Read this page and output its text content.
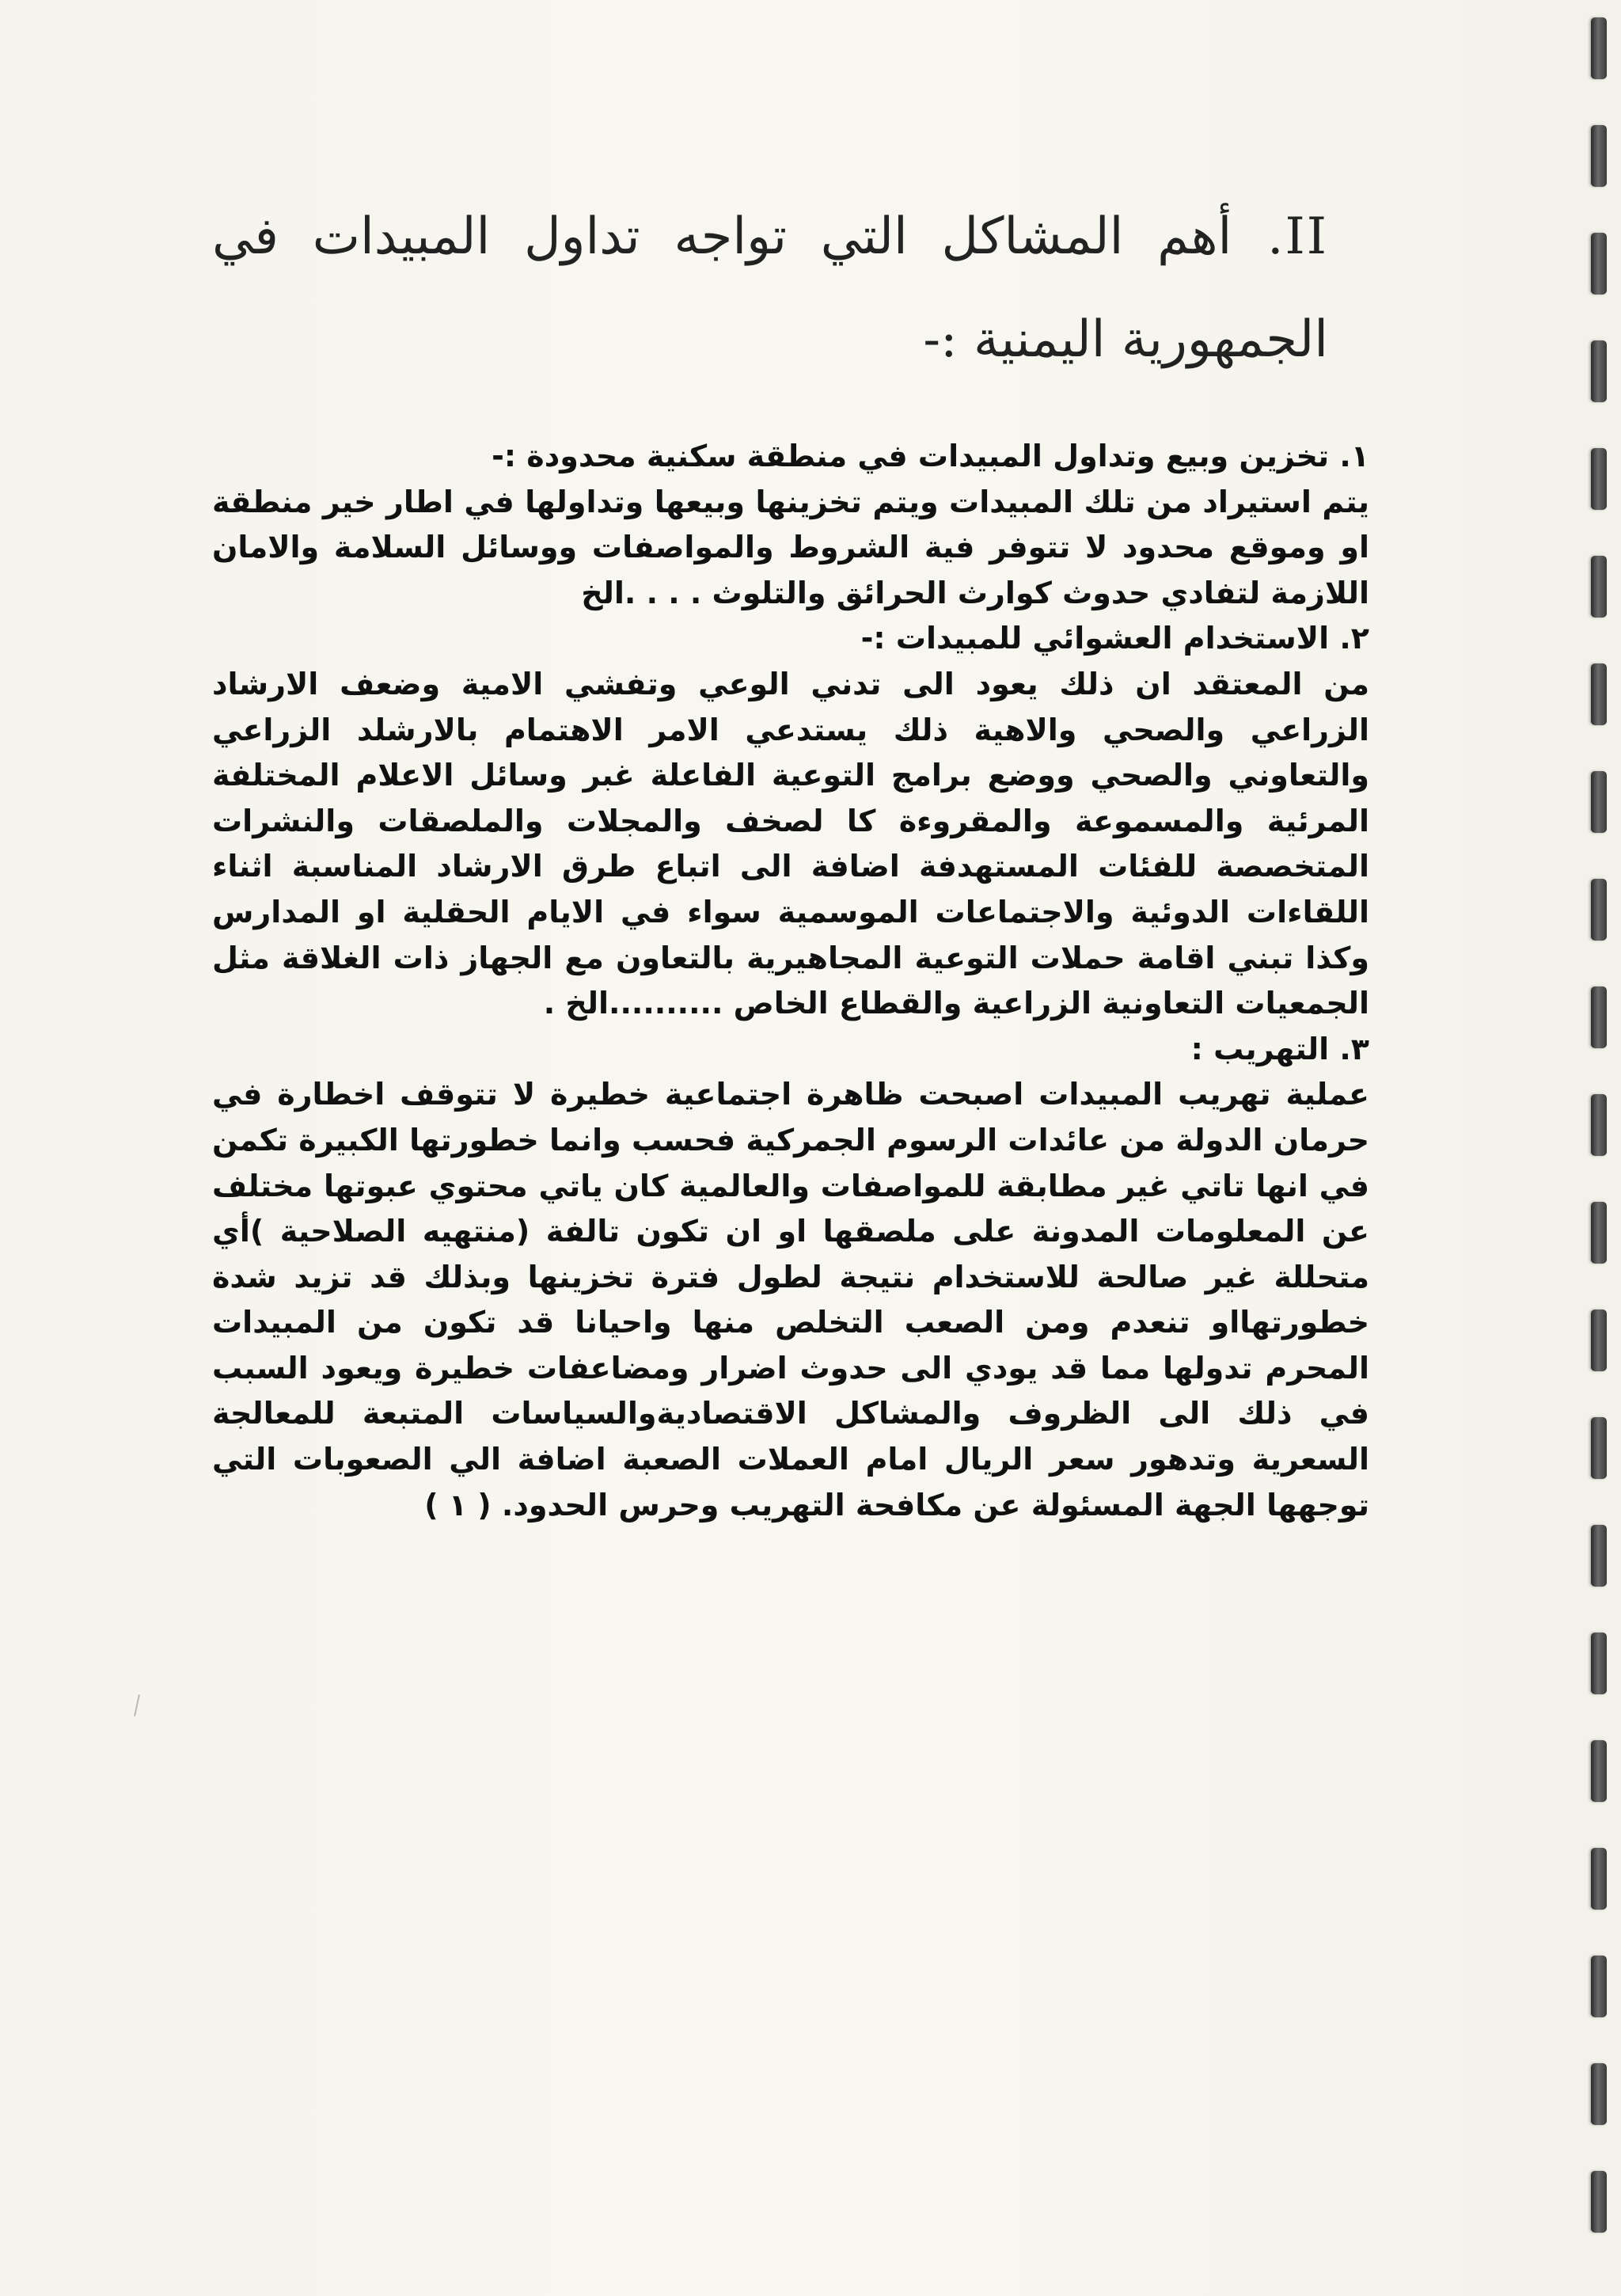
II. أهم المشاكل التي تواجه تداول المبيدات في
الجمهورية اليمنية :-
١. تخزين وبيع وتداول المبيدات في منطقة سكنية محدودة :-
يتم استيراد من تلك المبيدات ويتم تخزينها وبيعها وتداولها في اطار خير منطقة او وموقع محدود لا تتوفر فية الشروط والمواصفات ووسائل السلامة والامان اللازمة لتفادي حدوث كوارث الحرائق والتلوث . . . .الخ
٢. الاستخدام العشوائي للمبيدات :-
من المعتقد ان ذلك يعود الى تدني الوعي وتفشي الامية وضعف الارشاد الزراعي والصحي والاهية ذلك يستدعي الامر الاهتمام بالارشلد الزراعي والتعاوني والصحي ووضع برامج التوعية الفاعلة غبر وسائل الاعلام المختلفة المرئية والمسموعة والمقروءة كا لصخف والمجلات والملصقات والنشرات المتخصصة للفئات المستهدفة اضافة الى اتباع طرق الارشاد المناسبة اثناء اللقاءات الدوئية والاجتماعات الموسمية سواء في الايام الحقلية او المدارس وكذا تبني اقامة حملات التوعية المجاهيرية بالتعاون مع الجهاز ذات الغلاقة مثل الجمعيات التعاونية الزراعية والقطاع الخاص ..........الخ .
٣. التهريب :
عملية تهريب المبيدات اصبحت ظاهرة اجتماعية خطيرة لا تتوقف اخطارة في حرمان الدولة من عائدات الرسوم الجمركية فحسب وانما خطورتها الكبيرة تكمن في انها تاتي غير مطابقة للمواصفات والعالمية كان ياتي محتوي عبوتها مختلف عن المعلومات المدونة على ملصقها او ان تكون تالفة (منتهيه الصلاحية )أي متحللة غير صالحة للاستخدام نتيجة لطول فترة تخزينها وبذلك قد تزيد شدة خطورتهااو تنعدم ومن الصعب التخلص منها واحيانا قد تكون من المبيدات المحرم تدولها مما قد يودي الى حدوث اضرار ومضاعفات خطيرة ويعود السبب في ذلك الى الظروف والمشاكل الاقتصاديةوالسياسات المتبعة للمعالجة السعرية وتدهور سعر الريال امام العملات الصعبة اضافة الي الصعوبات التي توجهها الجهة المسئولة عن مكافحة التهريب وحرس الحدود. ( ١ )
